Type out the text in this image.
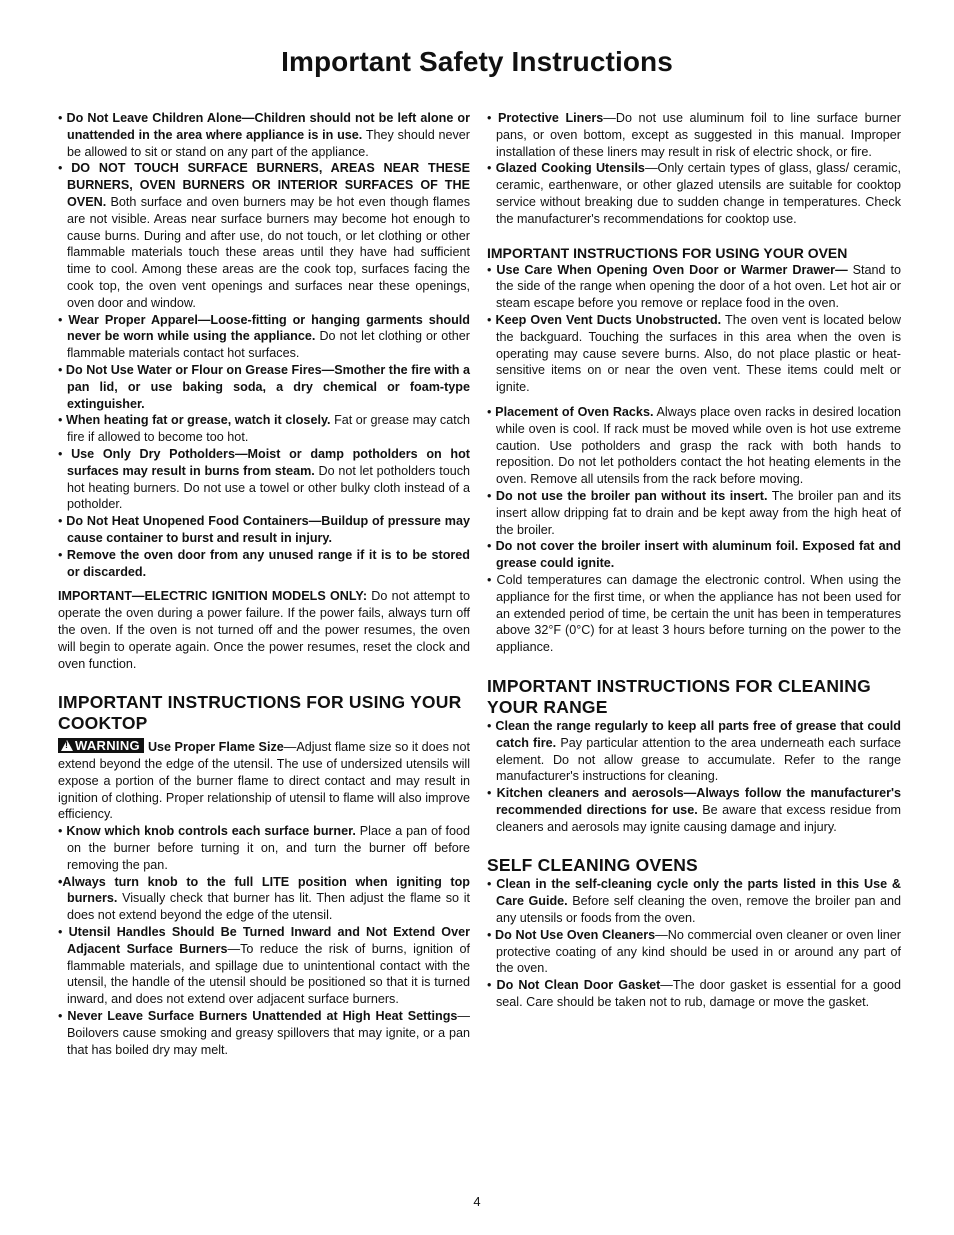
Important Safety Instructions

• Do Not Leave Children Alone—Children should not be left alone or unattended in the area where appliance is in use. They should never be allowed to sit or stand on any part of the appliance.

• DO NOT TOUCH SURFACE BURNERS, AREAS NEAR THESE BURNERS, OVEN BURNERS OR INTERIOR SURFACES OF THE OVEN. Both surface and oven burners may be hot even though flames are not visible. Areas near surface burners may become hot enough to cause burns. During and after use, do not touch, or let clothing or other flammable materials touch these areas until they have had sufficient time to cool. Among these areas are the cook top, surfaces facing the cook top, the oven vent openings and surfaces near these openings, oven door and window.

• Wear Proper Apparel—Loose-fitting or hanging garments should never be worn while using the appliance. Do not let clothing or other flammable materials contact hot surfaces.

• Do Not Use Water or Flour on Grease Fires—Smother the fire with a pan lid, or use baking soda, a dry chemical or foam-type extinguisher.

• When heating fat or grease, watch it closely. Fat or grease may catch fire if allowed to become too hot.

• Use Only Dry Potholders—Moist or damp potholders on hot surfaces may result in burns from steam. Do not let potholders touch hot heating burners. Do not use a towel or other bulky cloth instead of a potholder.

• Do Not Heat Unopened Food Containers—Buildup of pressure may cause container to burst and result in injury.

• Remove the oven door from any unused range if it is to be stored or discarded.

IMPORTANT—ELECTRIC IGNITION MODELS ONLY: Do not attempt to operate the oven during a power failure. If the power fails, always turn off the oven. If the oven is not turned off and the power resumes, the oven will begin to operate again. Once the power resumes, reset the clock and oven function.

IMPORTANT INSTRUCTIONS FOR USING YOUR COOKTOP

!WARNING Use Proper Flame Size—Adjust flame size so it does not extend beyond the edge of the utensil. The use of undersized utensils will expose a portion of the burner flame to direct contact and may result in ignition of clothing. Proper relationship of utensil to flame will also improve efficiency.

• Know which knob controls each surface burner. Place a pan of food on the burner before turning it on, and turn the burner off before removing the pan.

•Always turn knob to the full LITE position when igniting top burners. Visually check that burner has lit. Then adjust the flame so it does not extend beyond the edge of the utensil.

• Utensil Handles Should Be Turned Inward and Not Extend Over Adjacent Surface Burners—To reduce the risk of burns, ignition of flammable materials, and spillage due to unintentional contact with the utensil, the handle of the utensil should be positioned so that it is turned inward, and does not extend over adjacent surface burners.

• Never Leave Surface Burners Unattended at High Heat Settings—Boilovers cause smoking and greasy spillovers that may ignite, or a pan that has boiled dry may melt.

• Protective Liners—Do not use aluminum foil to line surface burner pans, or oven bottom, except as suggested in this manual. Improper installation of these liners may result in risk of electric shock, or fire.

• Glazed Cooking Utensils—Only certain types of glass, glass/ ceramic, ceramic, earthenware, or other glazed utensils are suitable for cooktop service without breaking due to sudden change in temperatures. Check the manufacturer's recommendations for cooktop use.

IMPORTANT INSTRUCTIONS FOR USING YOUR OVEN

• Use Care When Opening Oven Door or Warmer Drawer— Stand to the side of the range when opening the door of a hot oven. Let hot air or steam escape before you remove or replace food in the oven.

• Keep Oven Vent Ducts Unobstructed. The oven vent is located below the backguard. Touching the surfaces in this area when the oven is operating may cause severe burns. Also, do not place plastic or heat-sensitive items on or near the oven vent. These items could melt or ignite.

• Placement of Oven Racks. Always place oven racks in desired location while oven is cool. If rack must be moved while oven is hot use extreme caution. Use potholders and grasp the rack with both hands to reposition. Do not let potholders contact the hot heating elements in the oven. Remove all utensils from the rack before moving.

• Do not use the broiler pan without its insert. The broiler pan and its insert allow dripping fat to drain and be kept away from the high heat of the broiler.

• Do not cover the broiler insert with aluminum foil. Exposed fat and grease could ignite.

• Cold temperatures can damage the electronic control. When using the appliance for the first time, or when the appliance has not been used for an extended period of time, be certain the unit has been in temperatures above 32°F (0°C) for at least 3 hours before turning on the power to the appliance.

IMPORTANT INSTRUCTIONS FOR CLEANING YOUR RANGE

• Clean the range regularly to keep all parts free of grease that could catch fire. Pay particular attention to the area underneath each surface element. Do not allow grease to accumulate. Refer to the range manufacturer's instructions for cleaning.

• Kitchen cleaners and aerosols—Always follow the manufacturer's recommended directions for use. Be aware that excess residue from cleaners and aerosols may ignite causing damage and injury.

SELF CLEANING OVENS

• Clean in the self-cleaning cycle only the parts listed in this Use & Care Guide. Before self cleaning the oven, remove the broiler pan and any utensils or foods from the oven.

• Do Not Use Oven Cleaners—No commercial oven cleaner or oven liner protective coating of any kind should be used in or around any part of the oven.

• Do Not Clean Door Gasket—The door gasket is essential for a good seal. Care should be taken not to rub, damage or move the gasket.

4
